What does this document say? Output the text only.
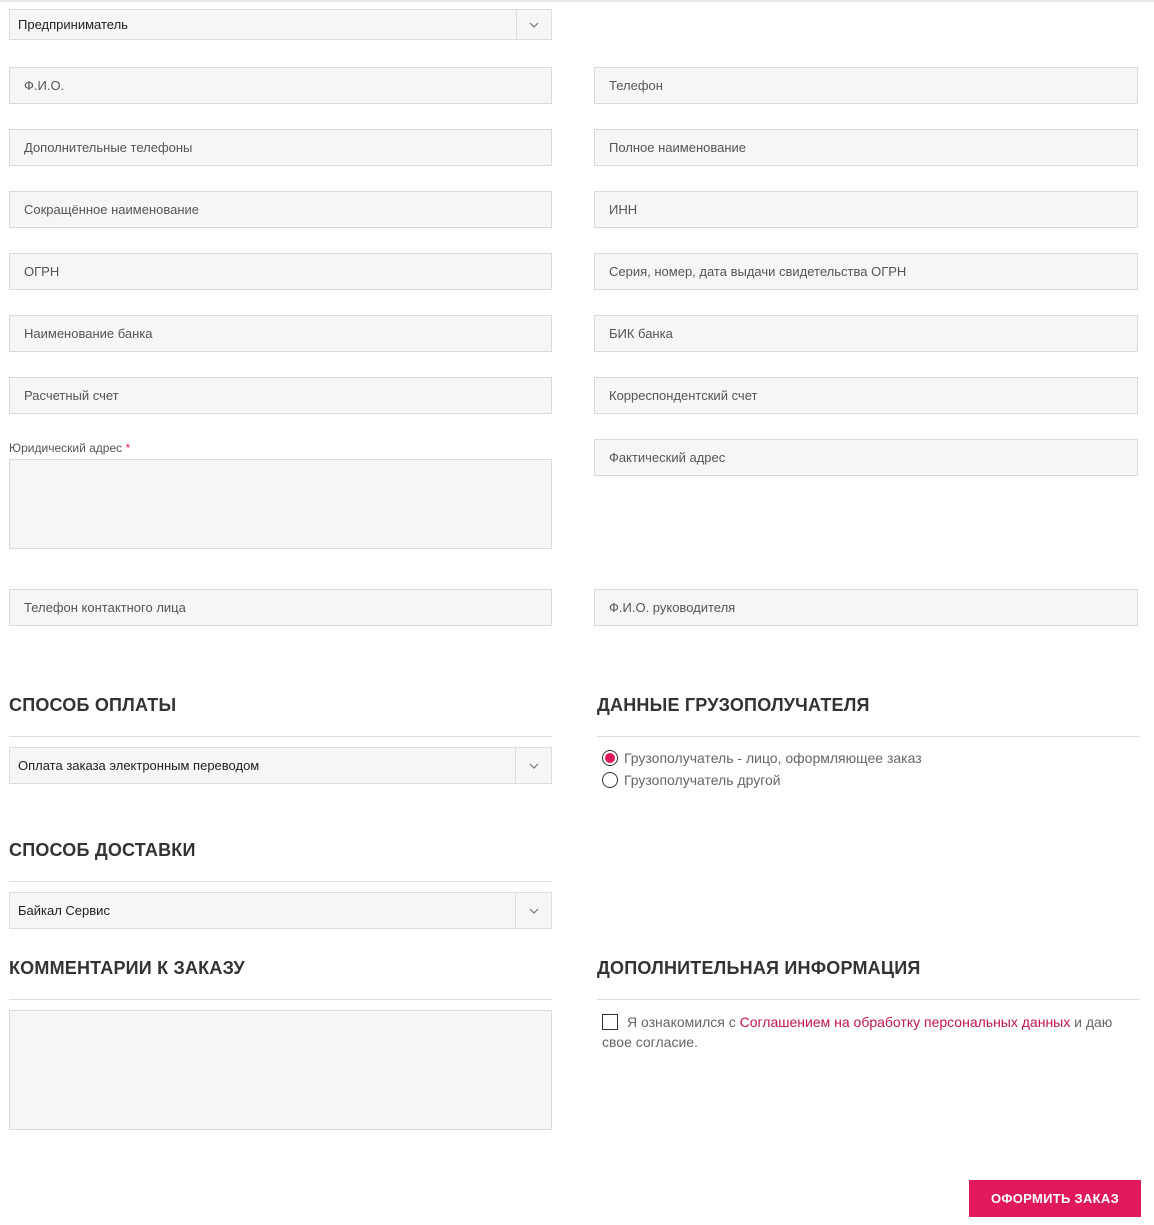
Предприниматель
Ф.И.О.
Телефон
Дополнительные телефоны
Полное наименование
Сокращённое наименование
ИНН
ОГРН
Серия, номер, дата выдачи свидетельства ОГРН
Наименование банка
БИК банка
Расчетный счет
Корреспондентский счет
Юридический адрес *
Фактический адрес
Телефон контактного лица
Ф.И.О. руководителя
СПОСОБ ОПЛАТЫ
Оплата заказа электронным переводом
ДАННЫЕ ГРУЗОПОЛУЧАТЕЛЯ
Грузополучатель - лицо, оформляющее заказ
Грузополучатель другой
СПОСОБ ДОСТАВКИ
Байкал Сервис
КОММЕНТАРИИ К ЗАКАЗУ	ДОПОЛНИТЕЛЬНАЯ ИНФОРМАЦИЯ
Я ознакомился с Соглашением на обработку персональных данных и даю своe согласие.
ОФОРМИТЬ ЗАКАЗ
